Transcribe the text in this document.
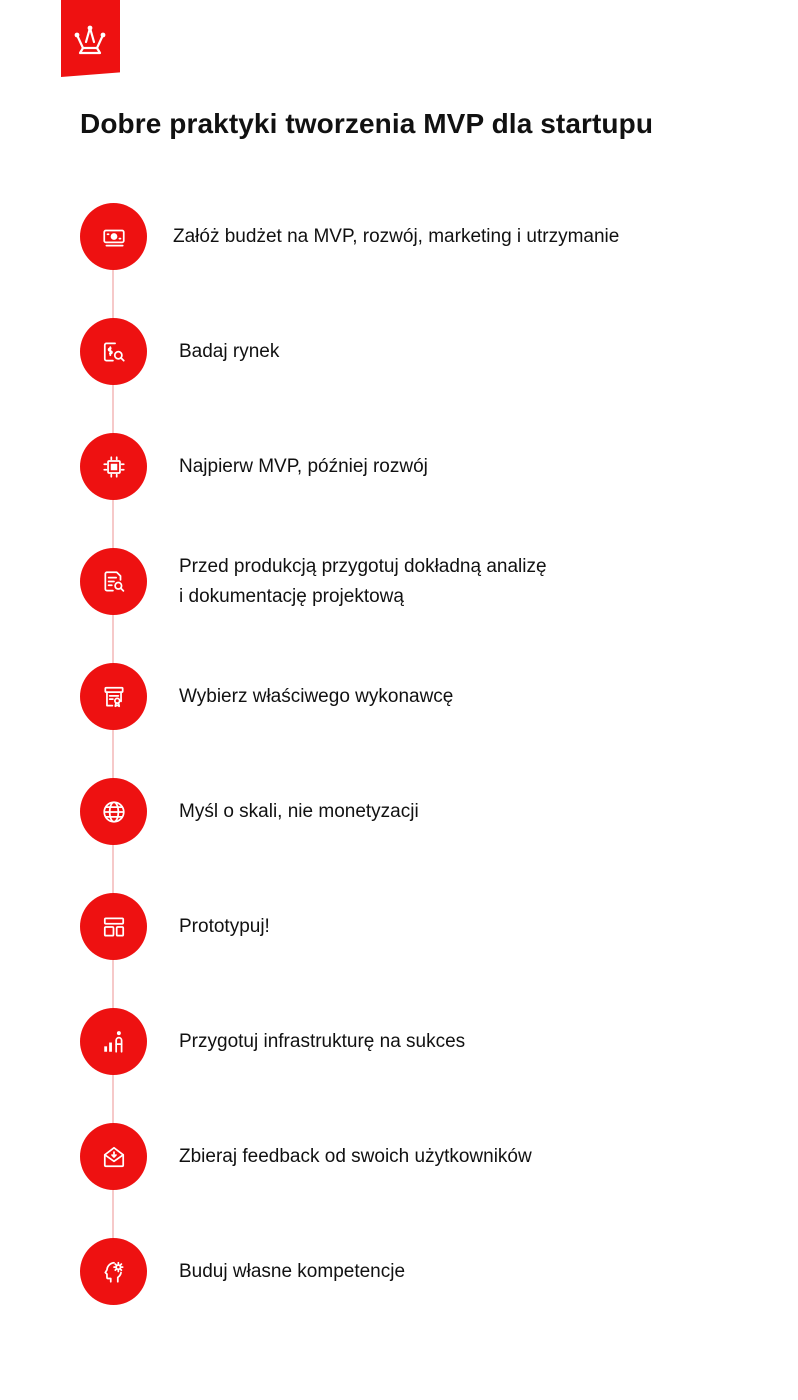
Dobre praktyki tworzenia MVP dla startupu
Załóż budżet na MVP, rozwój, marketing i utrzymanie
Badaj rynek
Najpierw MVP, później rozwój
Przed produkcją przygotuj dokładną analizę
i dokumentację projektową
Wybierz właściwego wykonawcę
Myśl o skali, nie monetyzacji
Prototypuj!
Przygotuj infrastrukturę na sukces
Zbieraj feedback od swoich użytkowników
Buduj własne kompetencje
